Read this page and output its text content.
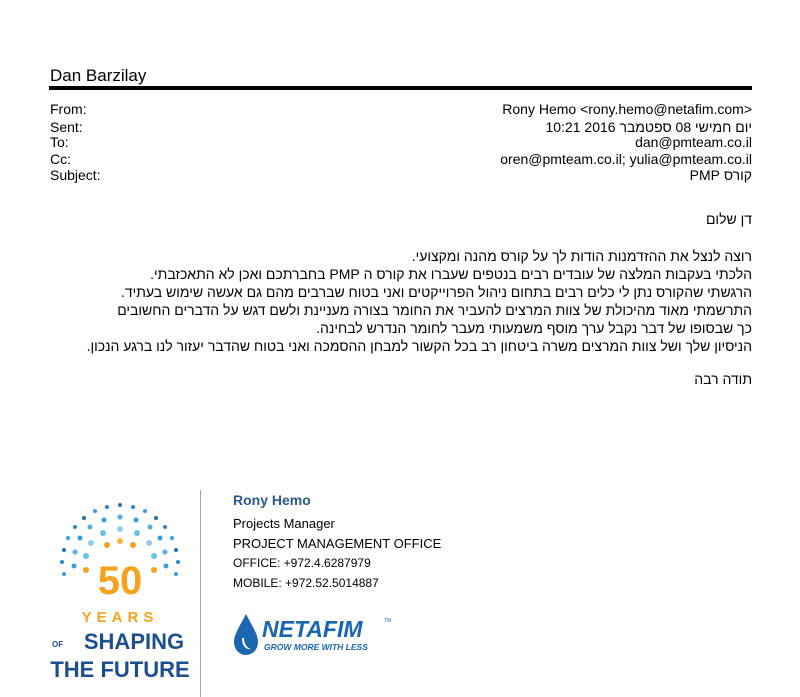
Dan Barzilay
From:	Rony Hemo <rony.hemo@netafim.com>
Sent:	יום חמישי 08 ספטמבר 2016 10:21
To:	dan@pmteam.co.il
Cc:	oren@pmteam.co.il; yulia@pmteam.co.il
Subject:	קורס PMP
דן שלום
רוצה לנצל את ההזדמנות הודות לך על קורס מהנה ומקצועי.
הלכתי בעקבות המלצה של עובדים רבים בנטפים שעברו את קורס ה PMP בחברתכם ואכן לא התאכזבתי.
הרגשתי שהקורס נתן לי כלים רבים בתחום ניהול הפרוייקטים ואני בטוח שברבים מהם גם אעשה שימוש בעתיד.
התרשמתי מאוד מהיכולת של צוות המרצים להעביר את החומר בצורה מעניינת ולשם דגש על הדברים החשובים
כך שבסופו של דבר נקבל ערך מוסף משמעותי מעבר לחומר הנדרש לבחינה.
הניסיון שלך ושל צוות המרצים משרה ביטחון רב בכל הקשור למבחן ההסמכה ואני בטוח שהדבר יעזור לנו ברגע הנכון.
תודה רבה
50
YEARS
OF SHAPING
THE FUTURE
Rony Hemo
Projects Manager
PROJECT MANAGEMENT OFFICE
OFFICE: +972.4.6287979
MOBILE: +972.52.5014887
NETAFIM	TM
GROW MORE WITH LESS
